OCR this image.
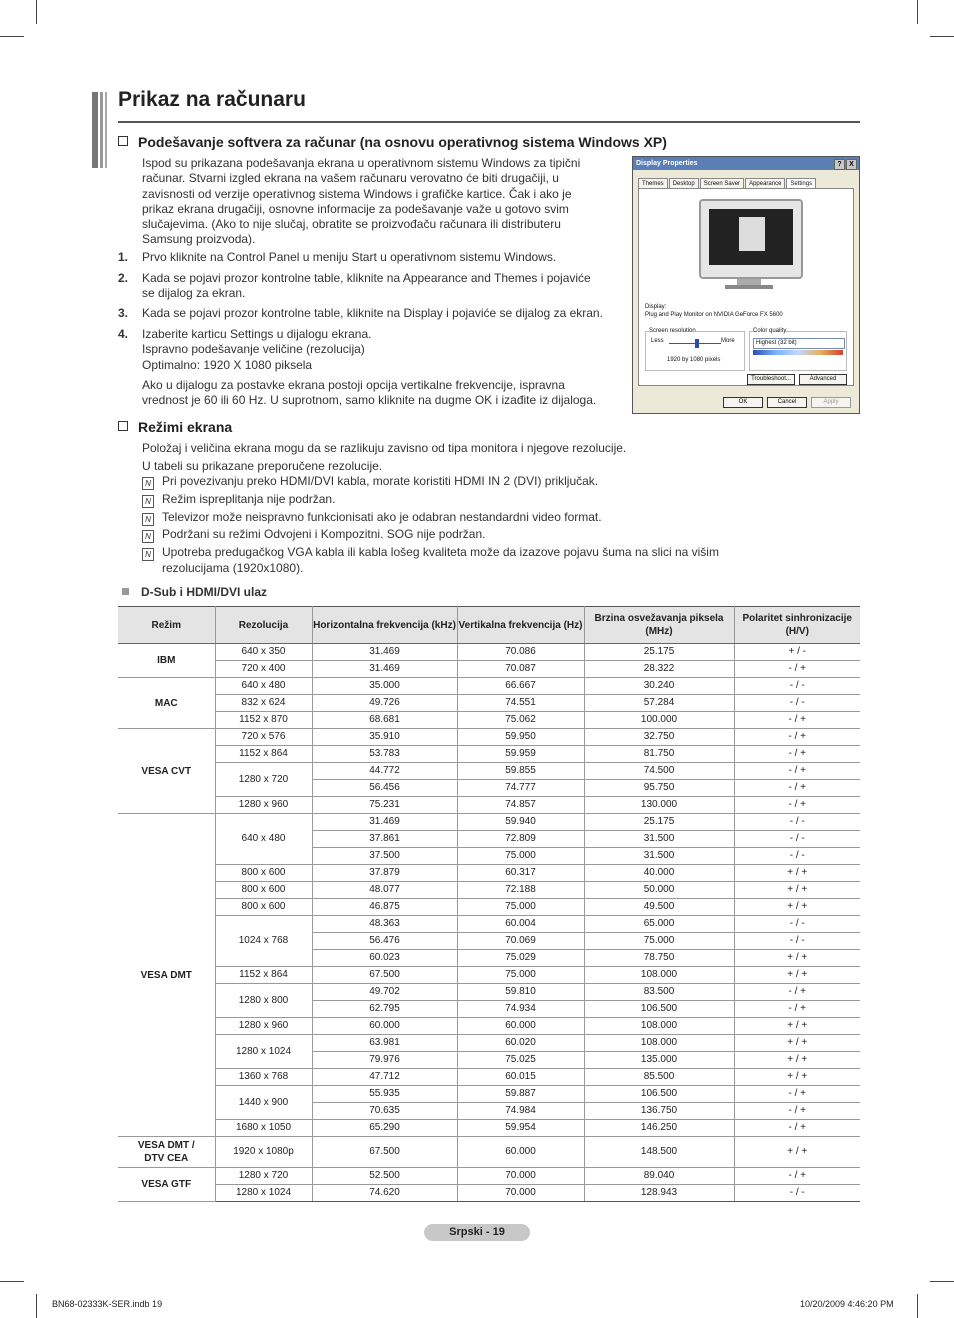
Prikaz na računaru
Podešavanje softvera za računar (na osnovu operativnog sistema Windows XP)
Ispod su prikazana podešavanja ekrana u operativnom sistemu Windows za tipični
računar. Stvarni izgled ekrana na vašem računaru verovatno će biti drugačiji, u
zavisnosti od verzije operativnog sistema Windows i grafičke kartice. Čak i ako je
prikaz ekrana drugačiji, osnovne informacije za podešavanje važe u gotovo svim
slučajevima. (Ako to nije slučaj, obratite se proizvođaču računara ili distributeru
Samsung proizvoda).
1. Prvo kliknite na Control Panel u meniju Start u operativnom sistemu Windows.
2. Kada se pojavi prozor kontrolne table, kliknite na Appearance and Themes i pojaviće
se dijalog za ekran.
3. Kada se pojavi prozor kontrolne table, kliknite na Display i pojaviće se dijalog za ekran.
4. Izaberite karticu Settings u dijalogu ekrana.
Ispravno podešavanje veličine (rezolucija)
Optimalno: 1920 X 1080 piksela
Ako u dijalogu za postavke ekrana postoji opcija vertikalne frekvencije, ispravna
vrednost je 60 ili 60 Hz. U suprotnom, samo kliknite na dugme OK i izađite iz dijaloga.
Display Properties	?	X
Themes	Desktop	Screen Saver	Appearance	Settings
Display:
Plug and Play Monitor on NVIDIA GeForce FX 5600
Screen resolution
Less	More
1920 by 1080 pixels
Color quality
Highest (32 bit)
Troubleshoot...	Advanced
OK	Cancel	Apply
Režimi ekrana
Položaj i veličina ekrana mogu da se razlikuju zavisno od tipa monitora i njegove rezolucije.
U tabeli su prikazane preporučene rezolucije.
N Pri povezivanju preko HDMI/DVI kabla, morate koristiti HDMI IN 2 (DVI) priključak.
N Režim ispreplitanja nije podržan.
N Televizor može neispravno funkcionisati ako je odabran nestandardni video format.
N Podržani su režimi Odvojeni i Kompozitni. SOG nije podržan.
N Upotreba predugačkog VGA kabla ili kabla lošeg kvaliteta može da izazove pojavu šuma na slici na višim
rezolucijama (1920x1080).
D-Sub i HDMI/DVI ulaz
Režim	Rezolucija	Horizontalna frekvencija (kHz)	Vertikalna frekvencija (Hz)	Brzina osvežavanja piksela (MHz)	Polaritet sinhronizacije (H/V)
IBM	640 x 350	31.469	70.086	25.175	+ / -
	720 x 400	31.469	70.087	28.322	- / +
MAC	640 x 480	35.000	66.667	30.240	- / -
	832 x 624	49.726	74.551	57.284	- / -
	1152 x 870	68.681	75.062	100.000	- / +
VESA CVT	720 x 576	35.910	59.950	32.750	- / +
	1152 x 864	53.783	59.959	81.750	- / +
	1280 x 720	44.772	59.855	74.500	- / +
		56.456	74.777	95.750	- / +
	1280 x 960	75.231	74.857	130.000	- / +
VESA DMT	640 x 480	31.469	59.940	25.175	- / -
		37.861	72.809	31.500	- / -
		37.500	75.000	31.500	- / -
	800 x 600	37.879	60.317	40.000	+ / +
	800 x 600	48.077	72.188	50.000	+ / +
	800 x 600	46.875	75.000	49.500	+ / +
	1024 x 768	48.363	60.004	65.000	- / -
		56.476	70.069	75.000	- / -
		60.023	75.029	78.750	+ / +
	1152 x 864	67.500	75.000	108.000	+ / +
	1280 x 800	49.702	59.810	83.500	- / +
		62.795	74.934	106.500	- / +
	1280 x 960	60.000	60.000	108.000	+ / +
	1280 x 1024	63.981	60.020	108.000	+ / +
		79.976	75.025	135.000	+ / +
	1360 x 768	47.712	60.015	85.500	+ / +
	1440 x 900	55.935	59.887	106.500	- / +
		70.635	74.984	136.750	- / +
	1680 x 1050	65.290	59.954	146.250	- / +
VESA DMT /
DTV CEA	1920 x 1080p	67.500	60.000	148.500	+ / +
VESA GTF	1280 x 720	52.500	70.000	89.040	- / +
	1280 x 1024	74.620	70.000	128.943	- / -
Srpski - 19
BN68-02333K-SER.indb 19	10/20/2009 4:46:20 PM
